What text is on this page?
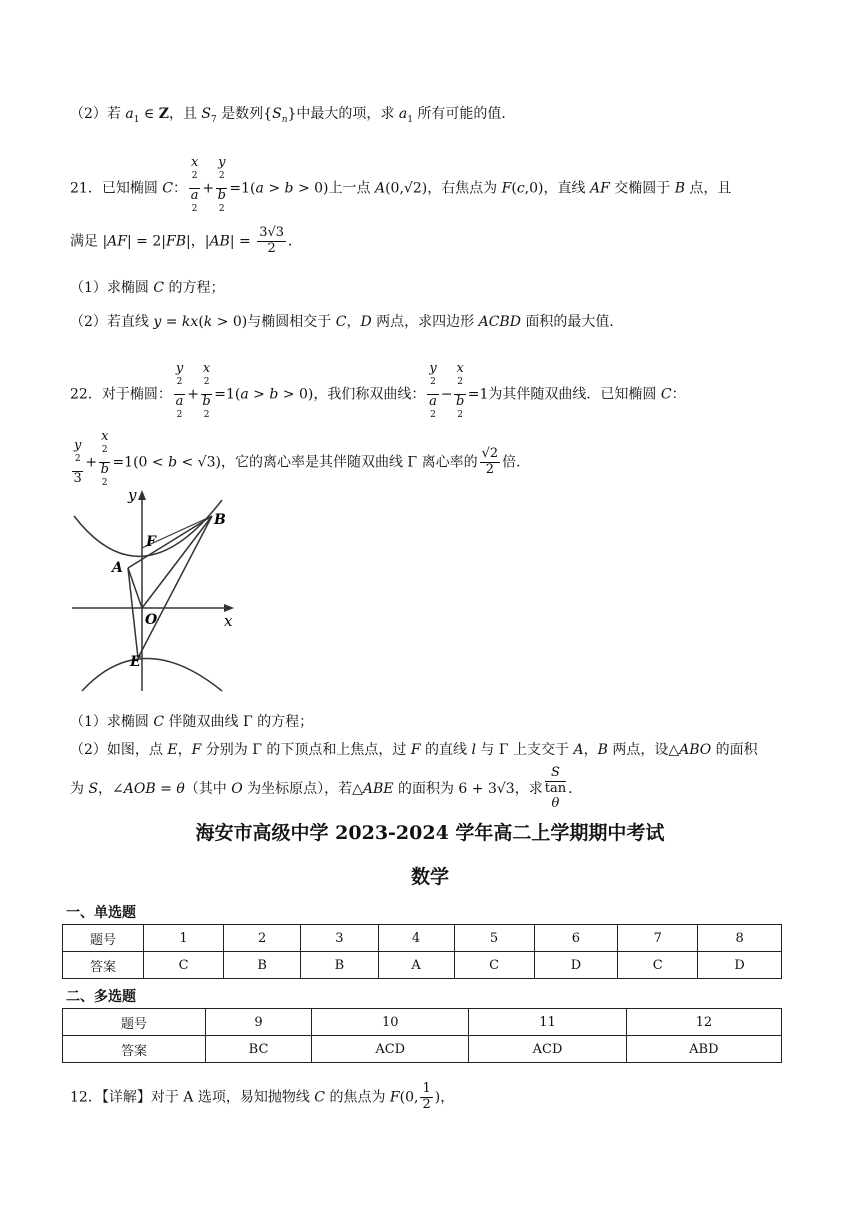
（2）若 $a_1$ ∈ Z，且 $S_7$ 是数列$\{S_n\}$中最大的项，求 $a_1$ 所有可能的值．
21．已知椭圆 C： x
$^2$
a
$^2$ + y
$^2$
b
$^2$ =1(a > b > 0)上一点 A(0,√2)，右焦点为 F(c,0)，直线 AF 交椭圆于 B 点，且
满足 |AF| = 2|FB|，$|AB| = \frac{3√3}{2}$ ．
（1）求椭圆 C 的方程；
（2）若直线 y = kx(k > 0)与椭圆相交于 C，D 两点，求四边形 ACBD 面积的最大值．
22．对于椭圆： y
$^2$
a
$^2$ + x
$^2$
b
$^2$ =1(a > b > 0)，我们称双曲线： y
$^2$
a
$^2$ − x
$^2$
b
$^2$ =1为其伴随双曲线．已知椭圆 C：
y
$^2$
3 + x
$^2$
b
$^2$ =1(0 < b < √3)，它的离心率是其伴随双曲线 Γ 离心率的 $\frac{√2}{2}$ 倍．
y
x
A
B
F
O
E
（1）求椭圆 C 伴随双曲线 Γ 的方程；
（2）如图，点 E，F 分别为 Γ 的下顶点和上焦点，过 F 的直线 l 与 Γ 上支交于 A，B 两点，设△ABO 的面积
为 S，∠AOB = θ（其中 O 为坐标原点），若△ABE 的面积为 6 + 3√3，求 S
tan
θ ．
海安市高级中学 2023-2024 学年高二上学期期中考试
数学
一、单选题
题号	1	2	3	4	5	6	7	8
答案	C	B	B	A	C	D	C	D
二、多选题
题号	9	10	11	12
答案	BC	ACD	ACD	ABD
12．【详解】对于 A 选项，易知抛物线 C 的焦点为 F(0, $\frac{1}{2}$ )，
